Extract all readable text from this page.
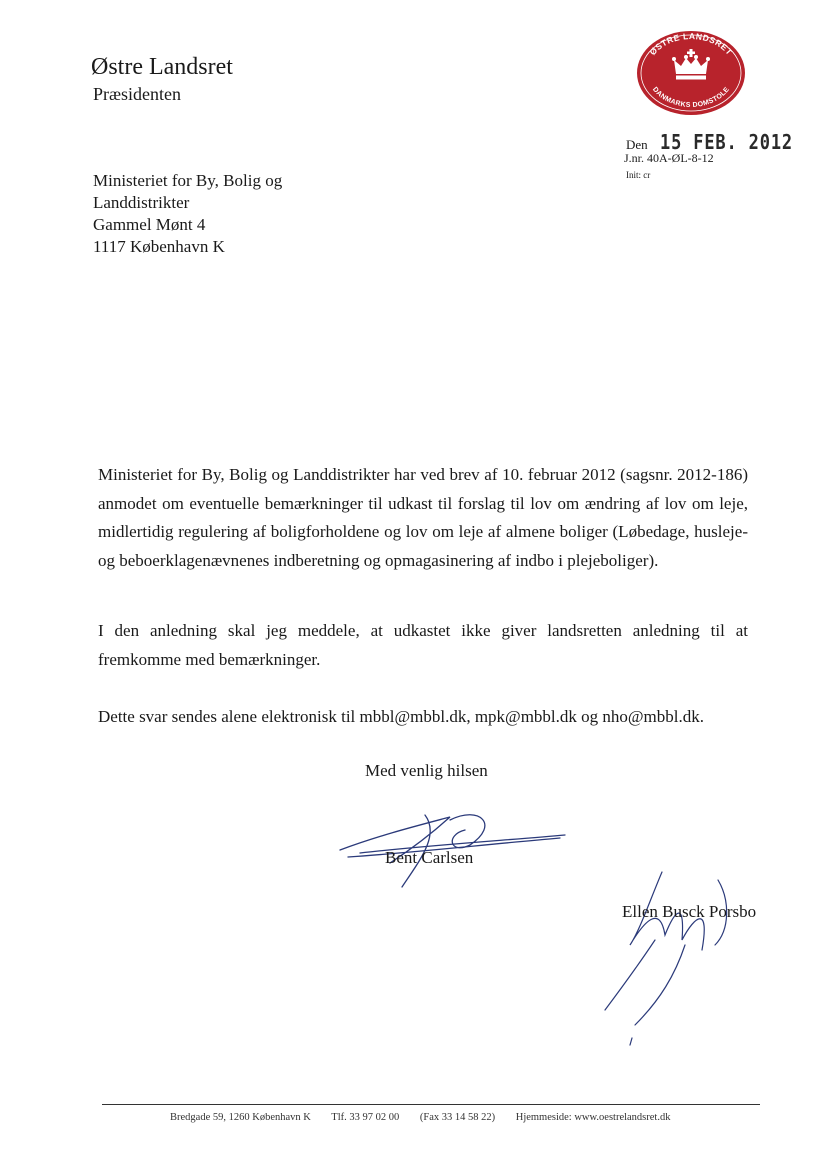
Østre Landsret
Præsidenten
ØSTRE LANDSRET
DANMARKS DOMSTOLE
Den 15 FEB. 2012
J.nr. 40A-ØL-8-12
Init: cr
Ministeriet for By, Bolig og
Landdistrikter
Gammel Mønt 4
1117 København K
Ministeriet for By, Bolig og Landdistrikter har ved brev af 10. februar 2012 (sagsnr. 2012-186) anmodet om eventuelle bemærkninger til udkast til forslag til lov om ændring af lov om leje, midlertidig regulering af boligforholdene og lov om leje af almene boliger (Løbedage, husleje- og beboerklagenævnenes indberetning og opmagasinering af indbo i plejeboliger).
I den anledning skal jeg meddele, at udkastet ikke giver landsretten anledning til at fremkomme med bemærkninger.
Dette svar sendes alene elektronisk til mbbl@mbbl.dk, mpk@mbbl.dk og nho@mbbl.dk.
Med venlig hilsen
Bent Carlsen
Ellen Busck Porsbo
Bredgade 59, 1260 København K Tlf. 33 97 02 00 (Fax 33 14 58 22) Hjemmeside: www.oestrelandsret.dk
